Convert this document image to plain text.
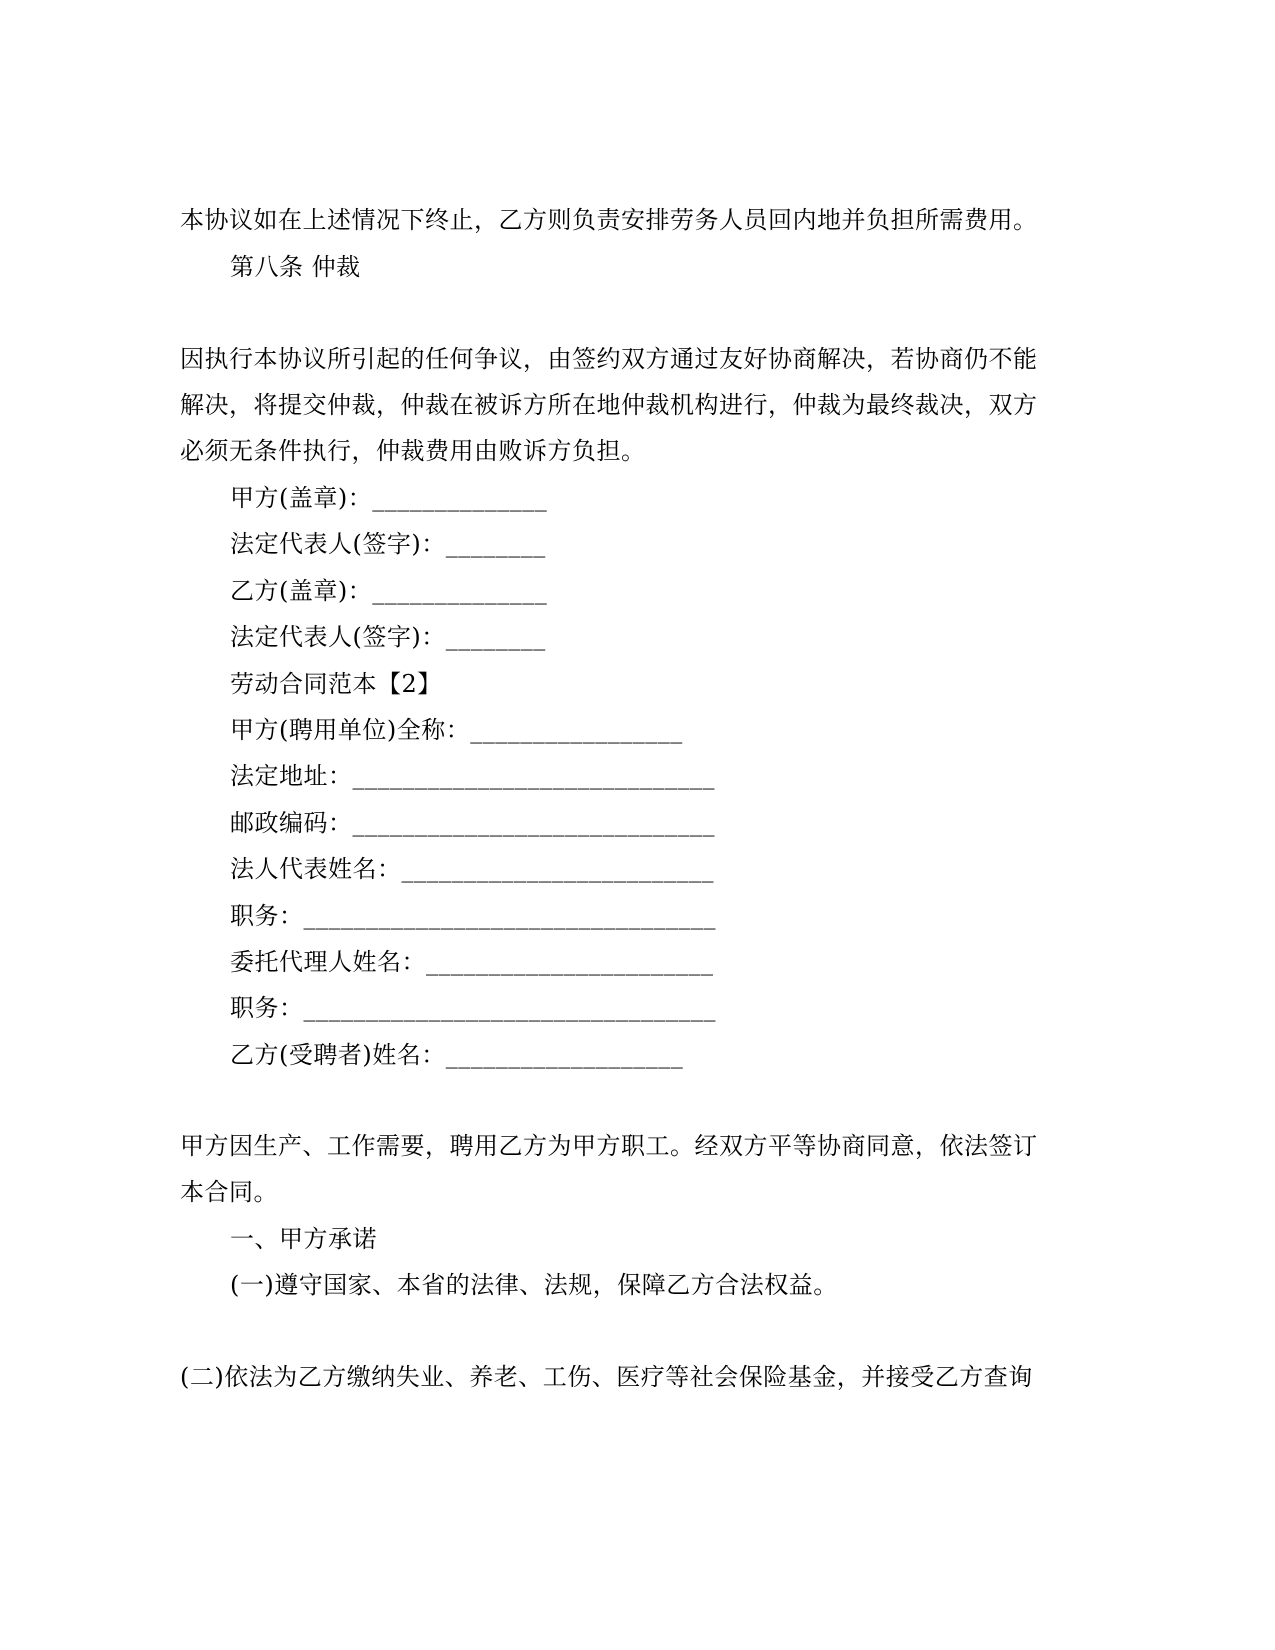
本协议如在上述情况下终止，乙方则负责安排劳务人员回内地并负担所需费用。
第八条 仲裁
因执行本协议所引起的任何争议，由签约双方通过友好协商解决，若协商仍不能
解决，将提交仲裁，仲裁在被诉方所在地仲裁机构进行，仲裁为最终裁决，双方
必须无条件执行，仲裁费用由败诉方负担。
甲方(盖章)：______________
法定代表人(签字)：________
乙方(盖章)：______________
法定代表人(签字)：________
劳动合同范本【2】
甲方(聘用单位)全称：_________________
法定地址：_____________________________
邮政编码：_____________________________
法人代表姓名：_________________________
职务：_________________________________
委托代理人姓名：_______________________
职务：_________________________________
乙方(受聘者)姓名：___________________
甲方因生产、工作需要，聘用乙方为甲方职工。经双方平等协商同意，依法签订
本合同。
一、甲方承诺
(一)遵守国家、本省的法律、法规，保障乙方合法权益。
(二)依法为乙方缴纳失业、养老、工伤、医疗等社会保险基金，并接受乙方查询
